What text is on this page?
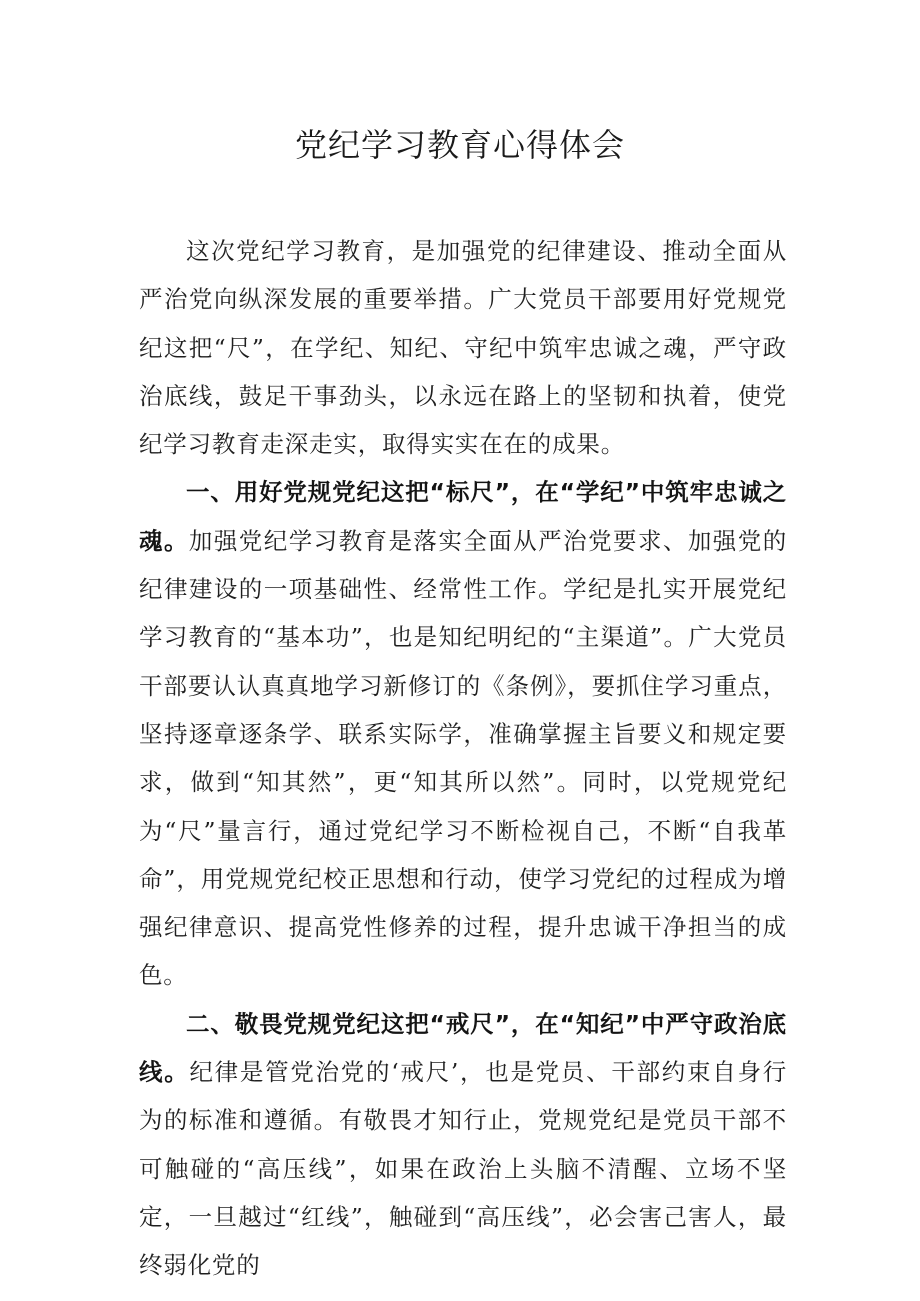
党纪学习教育心得体会

这次党纪学习教育，是加强党的纪律建设、推动全面从严治党向纵深发展的重要举措。广大党员干部要用好党规党纪这把“尺”，在学纪、知纪、守纪中筑牢忠诚之魂，严守政治底线，鼓足干事劲头，以永远在路上的坚韧和执着，使党纪学习教育走深走实，取得实实在在的成果。

一、用好党规党纪这把“标尺”，在“学纪”中筑牢忠诚之魂。加强党纪学习教育是落实全面从严治党要求、加强党的纪律建设的一项基础性、经常性工作。学纪是扎实开展党纪学习教育的“基本功”，也是知纪明纪的“主渠道”。广大党员干部要认认真真地学习新修订的《条例》，要抓住学习重点，坚持逐章逐条学、联系实际学，准确掌握主旨要义和规定要求，做到“知其然”，更“知其所以然”。同时，以党规党纪为“尺”量言行，通过党纪学习不断检视自己，不断“自我革命”，用党规党纪校正思想和行动，使学习党纪的过程成为增强纪律意识、提高党性修养的过程，提升忠诚干净担当的成色。

二、敬畏党规党纪这把“戒尺”，在“知纪”中严守政治底线。纪律是管党治党的‘戒尺’，也是党员、干部约束自身行为的标准和遵循。有敬畏才知行止，党规党纪是党员干部不可触碰的“高压线”，如果在政治上头脑不清醒、立场不坚定，一旦越过“红线”，触碰到“高压线”，必会害己害人，最终弱化党的
